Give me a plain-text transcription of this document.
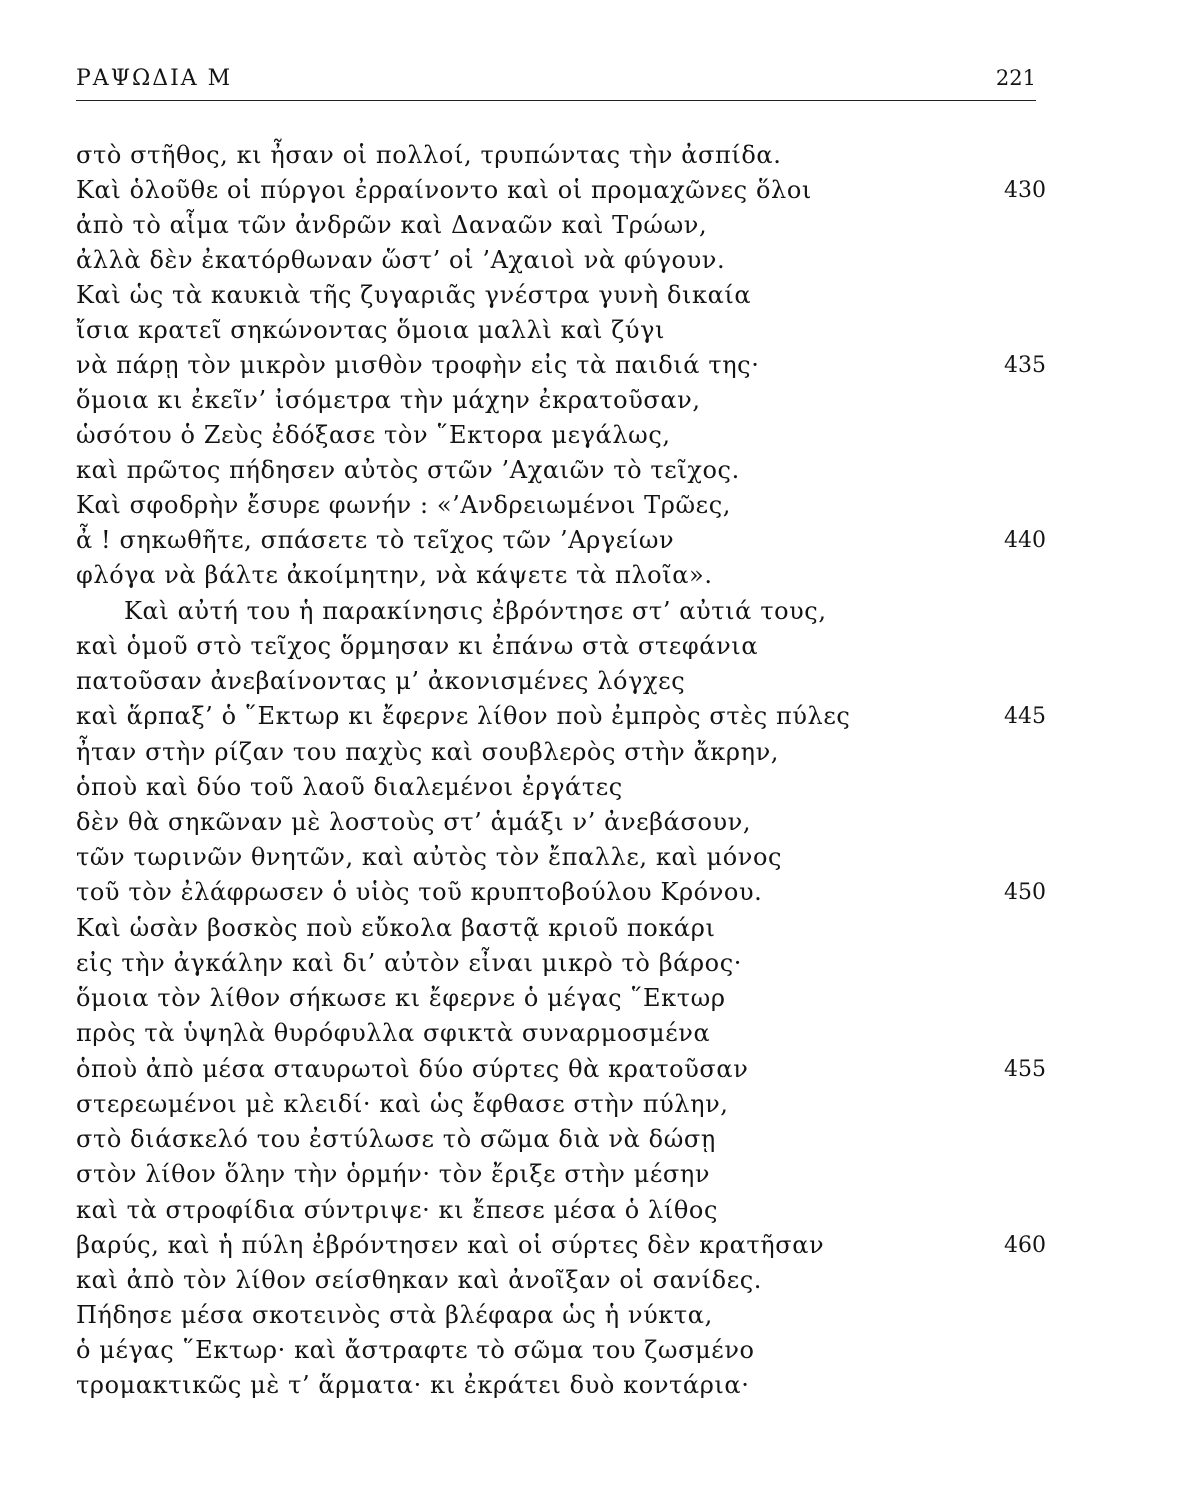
ΡΑΨΩΔΙΑ Μ	221
στὸ στῆθος, κι ἦσαν οἱ πολλοί, τρυπώντας τὴν ἀσπίδα.
Καὶ ὁλοῦθε οἱ πύργοι ἐρραίνοντο καὶ οἱ προμαχῶνες ὅλοι
ἀπὸ τὸ αἷμα τῶν ἀνδρῶν καὶ Δαναῶν καὶ Τρώων,
ἀλλὰ δὲν ἐκατόρθωναν ὥστ’ οἱ ’Αχαιοὶ νὰ φύγουν.
Καὶ ὡς τὰ καυκιὰ τῆς ζυγαριᾶς γνέστρα γυνὴ δικαία
ἴσια κρατεῖ σηκώνοντας ὅμοια μαλλὶ καὶ ζύγι
νὰ πάρῃ τὸν μικρὸν μισθὸν τροφὴν εἰς τὰ παιδιά της·
ὅμοια κι ἐκεῖν’ ἰσόμετρα τὴν μάχην ἐκρατοῦσαν,
ὡσότου ὁ Ζεὺς ἐδόξασε τὸν ῞Εκτορα μεγάλως,
καὶ πρῶτος πήδησεν αὐτὸς στῶν ’Αχαιῶν τὸ τεῖχος.
Καὶ σφοδρὴν ἔσυρε φωνήν : «’Ανδρειωμένοι Τρῶες,
ἆ ! σηκωθῆτε, σπάσετε τὸ τεῖχος τῶν ’Αργείων
φλόγα νὰ βάλτε ἀκοίμητην, νὰ κάψετε τὰ πλοῖα».
Καὶ αὐτή του ἡ παρακίνησις ἐβρόντησε στ’ αὐτιά τους,
καὶ ὁμοῦ στὸ τεῖχος ὅρμησαν κι ἐπάνω στὰ στεφάνια
πατοῦσαν ἀνεβαίνοντας μ’ ἀκονισμένες λόγχες
καὶ ἅρπαξ’ ὁ ῞Εκτωρ κι ἔφερνε λίθον ποὺ ἐμπρὸς στὲς πύλες
ἦταν στὴν ρίζαν του παχὺς καὶ σουβλερὸς στὴν ἄκρην,
ὁποὺ καὶ δύο τοῦ λαοῦ διαλεμένοι ἐργάτες
δὲν θὰ σηκῶναν μὲ λοστοὺς στ’ ἁμάξι ν’ ἀνεβάσουν,
τῶν τωρινῶν θνητῶν, καὶ αὐτὸς τὸν ἔπαλλε, καὶ μόνος
τοῦ τὸν ἐλάφρωσεν ὁ υἱὸς τοῦ κρυπτοβούλου Κρόνου.
Καὶ ὡσὰν βοσκὸς ποὺ εὔκολα βαστᾷ κριοῦ ποκάρι
εἰς τὴν ἀγκάλην καὶ δι’ αὐτὸν εἶναι μικρὸ τὸ βάρος·
ὅμοια τὸν λίθον σήκωσε κι ἔφερνε ὁ μέγας ῞Εκτωρ
πρὸς τὰ ὑψηλὰ θυρόφυλλα σφικτὰ συναρμοσμένα
ὁποὺ ἀπὸ μέσα σταυρωτοὶ δύο σύρτες θὰ κρατοῦσαν
στερεωμένοι μὲ κλειδί· καὶ ὡς ἔφθασε στὴν πύλην,
στὸ διάσκελό του ἐστύλωσε τὸ σῶμα διὰ νὰ δώσῃ
στὸν λίθον ὅλην τὴν ὁρμήν· τὸν ἔριξε στὴν μέσην
καὶ τὰ στροφίδια σύντριψε· κι ἔπεσε μέσα ὁ λίθος
βαρύς, καὶ ἡ πύλη ἐβρόντησεν καὶ οἱ σύρτες δὲν κρατῆσαν
καὶ ἀπὸ τὸν λίθον σείσθηκαν καὶ ἀνοῖξαν οἱ σανίδες.
Πήδησε μέσα σκοτεινὸς στὰ βλέφαρα ὡς ἡ νύκτα,
ὁ μέγας ῞Εκτωρ· καὶ ἄστραφτε τὸ σῶμα του ζωσμένο
τρομακτικῶς μὲ τ’ ἅρματα· κι ἐκράτει δυὸ κοντάρια·
430
435
440
445
450
455
460
